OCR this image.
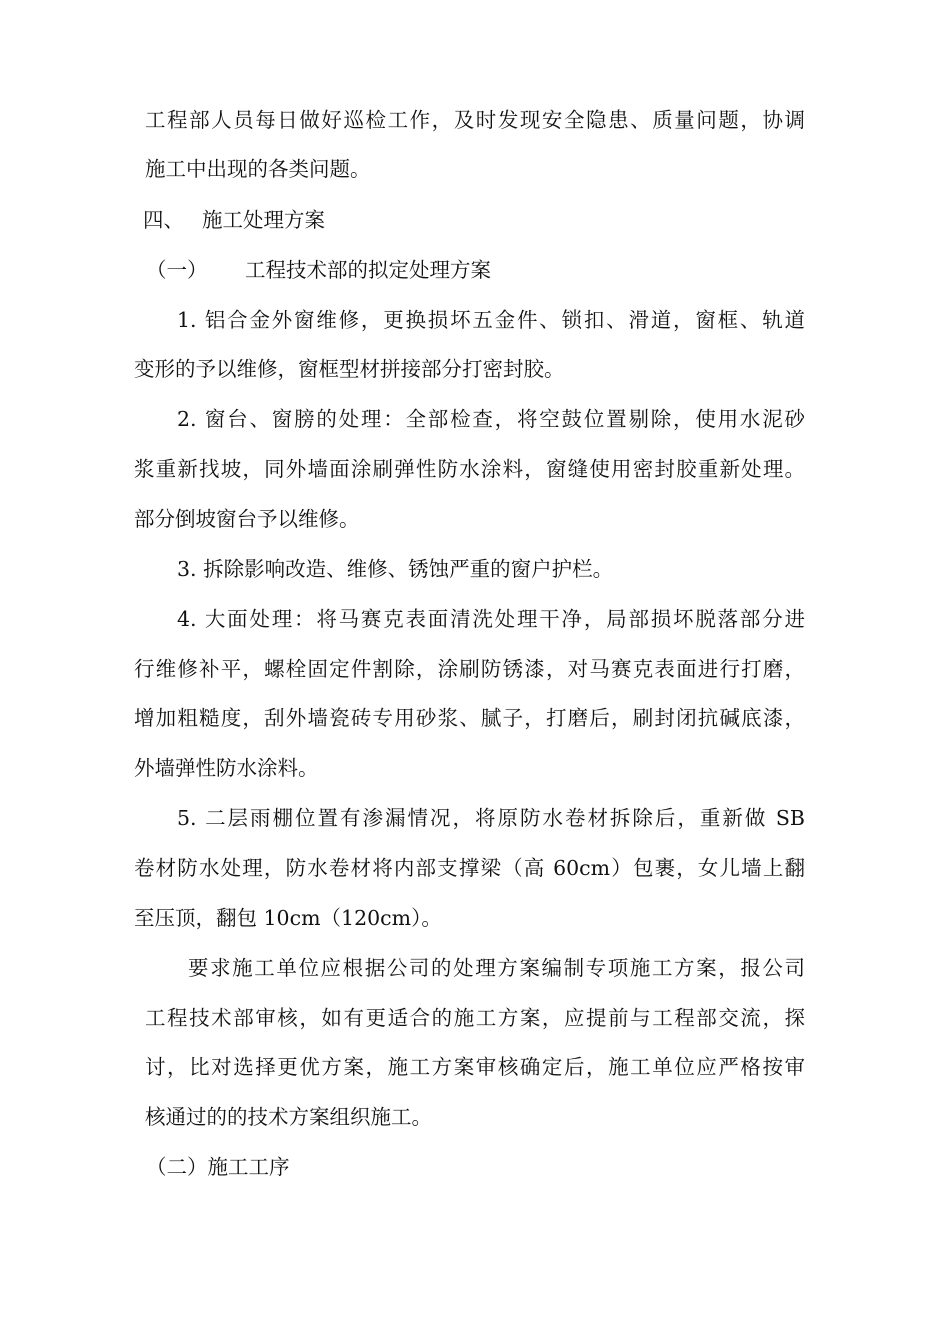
工程部人员每日做好巡检工作，及时发现安全隐患、质量问题，协调
施工中出现的各类问题。
四、 施工处理方案
（一）	工程技术部的拟定处理方案
1. 铝合金外窗维修，更换损坏五金件、锁扣、滑道，窗框、轨道
变形的予以维修，窗框型材拼接部分打密封胶。
2. 窗台、窗膀的处理：全部检查，将空鼓位置剔除，使用水泥砂
浆重新找坡，同外墙面涂刷弹性防水涂料，窗缝使用密封胶重新处理。
部分倒坡窗台予以维修。
3. 拆除影响改造、维修、锈蚀严重的窗户护栏。
4. 大面处理：将马赛克表面清洗处理干净，局部损坏脱落部分进
行维修补平，螺栓固定件割除，涂刷防锈漆，对马赛克表面进行打磨，
增加粗糙度，刮外墙瓷砖专用砂浆、腻子，打磨后，刷封闭抗碱底漆，
外墙弹性防水涂料。
5. 二层雨棚位置有渗漏情况，将原防水卷材拆除后，重新做 SB
卷材防水处理，防水卷材将内部支撑梁（高 60cm）包裹，女儿墙上翻
至压顶，翻包 10cm（120cm）。
要求施工单位应根据公司的处理方案编制专项施工方案，报公司
工程技术部审核，如有更适合的施工方案，应提前与工程部交流，探
讨，比对选择更优方案，施工方案审核确定后，施工单位应严格按审
核通过的的技术方案组织施工。
（二）施工工序
